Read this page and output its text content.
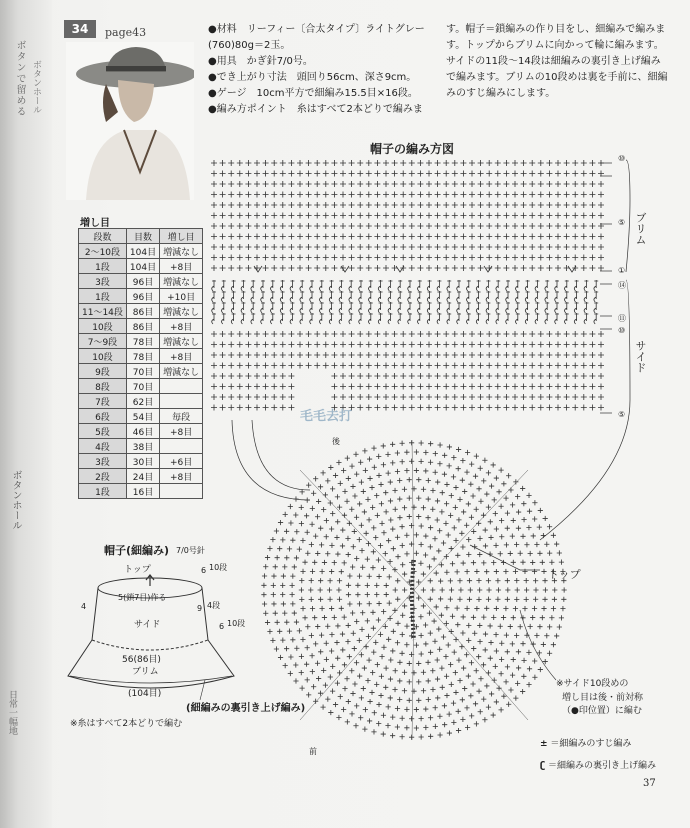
ボタンで留める ボタンホール
ボタンホール
日常一幅地
34	page43	●材料　リーフィー〔合太タイプ〕ライトグレー(760)80g＝2玉。

●用具　かぎ針7/0号。

●でき上がり寸法　頭回り56cm、深さ9cm。

●ゲージ　10cm平方で細編み15.5目×16段。

●編み方ポイント　糸はすべて2本どりで編みま

す。帽子＝鎖編みの作り目をし、細編みで編みます。トップからブリムに向かって輪に編みます。サイドの11段～14段は細編みの裏引き上げ編みで編みます。ブリムの10段めは裏を手前に、細編みのすじ編みにします。
帽子の編み方図
段数	目数	増し目
2～10段	104目	増減なし
1段	104目	+8目
3段	96目	増減なし
1段	96目	+10目
11～14段	86目	増減なし
10段	86目	+8目
7～9段	78目	増減なし
10段	78目	+8目
9段	70目	増減なし
8段	70目	
7段	62目	
6段	54目	毎段
5段	46目	+8目
4段	38目	
3段	30目	+6目
2段	24目	+8目
1段	16目	
増し目	ブリム
サイド
トップ
後
前
⑩
⑤
①
⑭
⑪
⑩
⑤
毛毛去打
※サイド10段めの
増し目は後・前対称
（●印位置）に編む
± ＝細編みのすじ編み
ʗ ＝細編みの裏引き上げ編み
帽子(細編み) 7/0号針
トップ
5(鎖7目)作る
サイド
56(86目)
ブリム
(104目)
(細編みの裏引き上げ編み)
6 10段
9 4段
6 10段
4
※糸はすべて2本どりで編む
37
